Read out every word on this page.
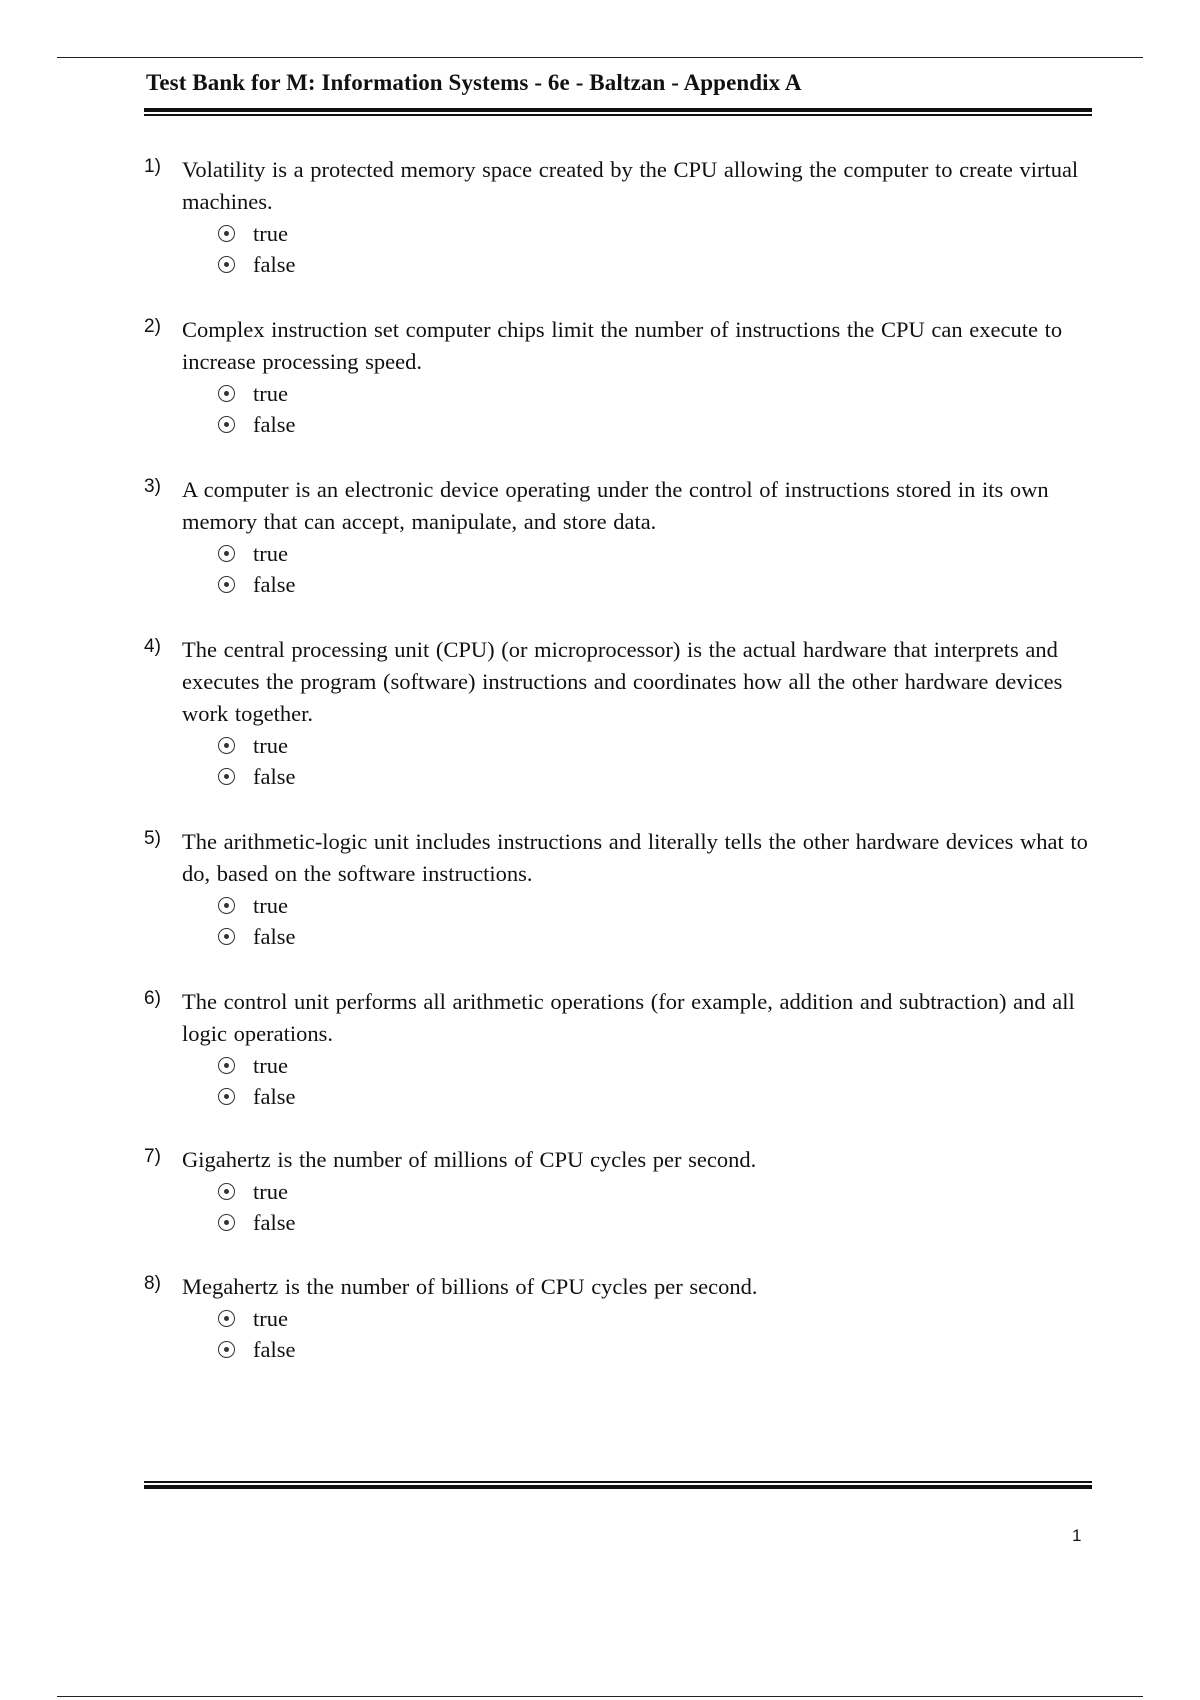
Test Bank for M: Information Systems - 6e - Baltzan - Appendix A
1) Volatility is a protected memory space created by the CPU allowing the computer to create virtual machines.
true
false
2) Complex instruction set computer chips limit the number of instructions the CPU can execute to increase processing speed.
true
false
3) A computer is an electronic device operating under the control of instructions stored in its own memory that can accept, manipulate, and store data.
true
false
4) The central processing unit (CPU) (or microprocessor) is the actual hardware that interprets and executes the program (software) instructions and coordinates how all the other hardware devices work together.
true
false
5) The arithmetic-logic unit includes instructions and literally tells the other hardware devices what to do, based on the software instructions.
true
false
6) The control unit performs all arithmetic operations (for example, addition and subtraction) and all logic operations.
true
false
7) Gigahertz is the number of millions of CPU cycles per second.
true
false
8) Megahertz is the number of billions of CPU cycles per second.
true
false
1
